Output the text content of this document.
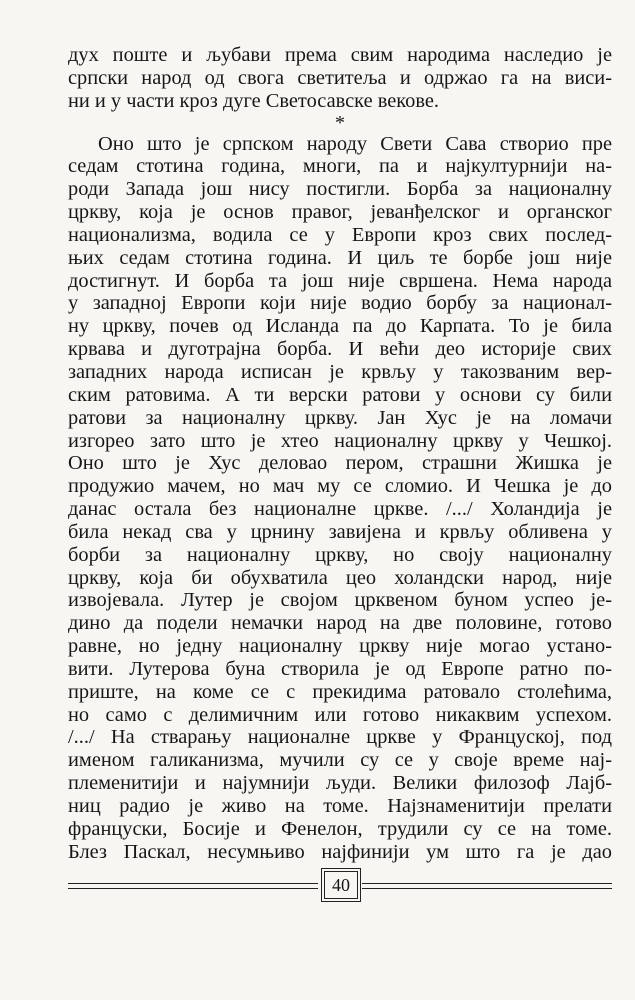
дух поште и љубави према свим народима наследио је
српски народ од свога светитеља и одржао га на виси-
ни и у части кроз дуге Светосавске векове.
*
Оно што је српском народу Свети Сава створио пре
седам стотина година, многи, па и најкултурнији на-
роди Запада још нису постигли. Борба за националну
цркву, која је основ правог, јеванђелског и органског
национализма, водила се у Европи кроз свих послед-
њих седам стотина година. И циљ те борбе још није
достигнут. И борба та још није свршена. Нема народа
у западној Европи који није водио борбу за национал-
ну цркву, почев од Исланда па до Карпата. То је била
крвава и дуготрајна борба. И већи део историје свих
западних народа исписан је крвљу у такозваним вер-
ским ратовима. А ти верски ратови у основи су били
ратови за националну цркву. Јан Хус је на ломачи
изгорео зато што је хтео националну цркву у Чешкој.
Оно што је Хус деловао пером, страшни Жишка је
продужио мачем, но мач му се сломио. И Чешка је до
данас остала без националне цркве. /.../ Холандија је
била некад сва у црнину завијена и крвљу обливена у
борби за националну цркву, но своју националну
цркву, која би обухватила цео холандски народ, није
извојевала. Лутер је својом црквеном буном успео је-
дино да подели немачки народ на две половине, готово
равне, но једну националну цркву није могао устано-
вити. Лутерова буна створила је од Европе ратно по-
приште, на коме се с прекидима ратовало столећима,
но само с делимичним или готово никаквим успехом.
/.../ На стварању националне цркве у Француској, под
именом галиканизма, мучили су се у своје време нај-
племенитији и најумнији људи. Велики филозоф Лајб-
ниц радио је живо на томе. Најзнаменитији прелати
француски, Босије и Фенелон, трудили су се на томе.
Блез Паскал, несумњиво најфинији ум што га је дао
40
